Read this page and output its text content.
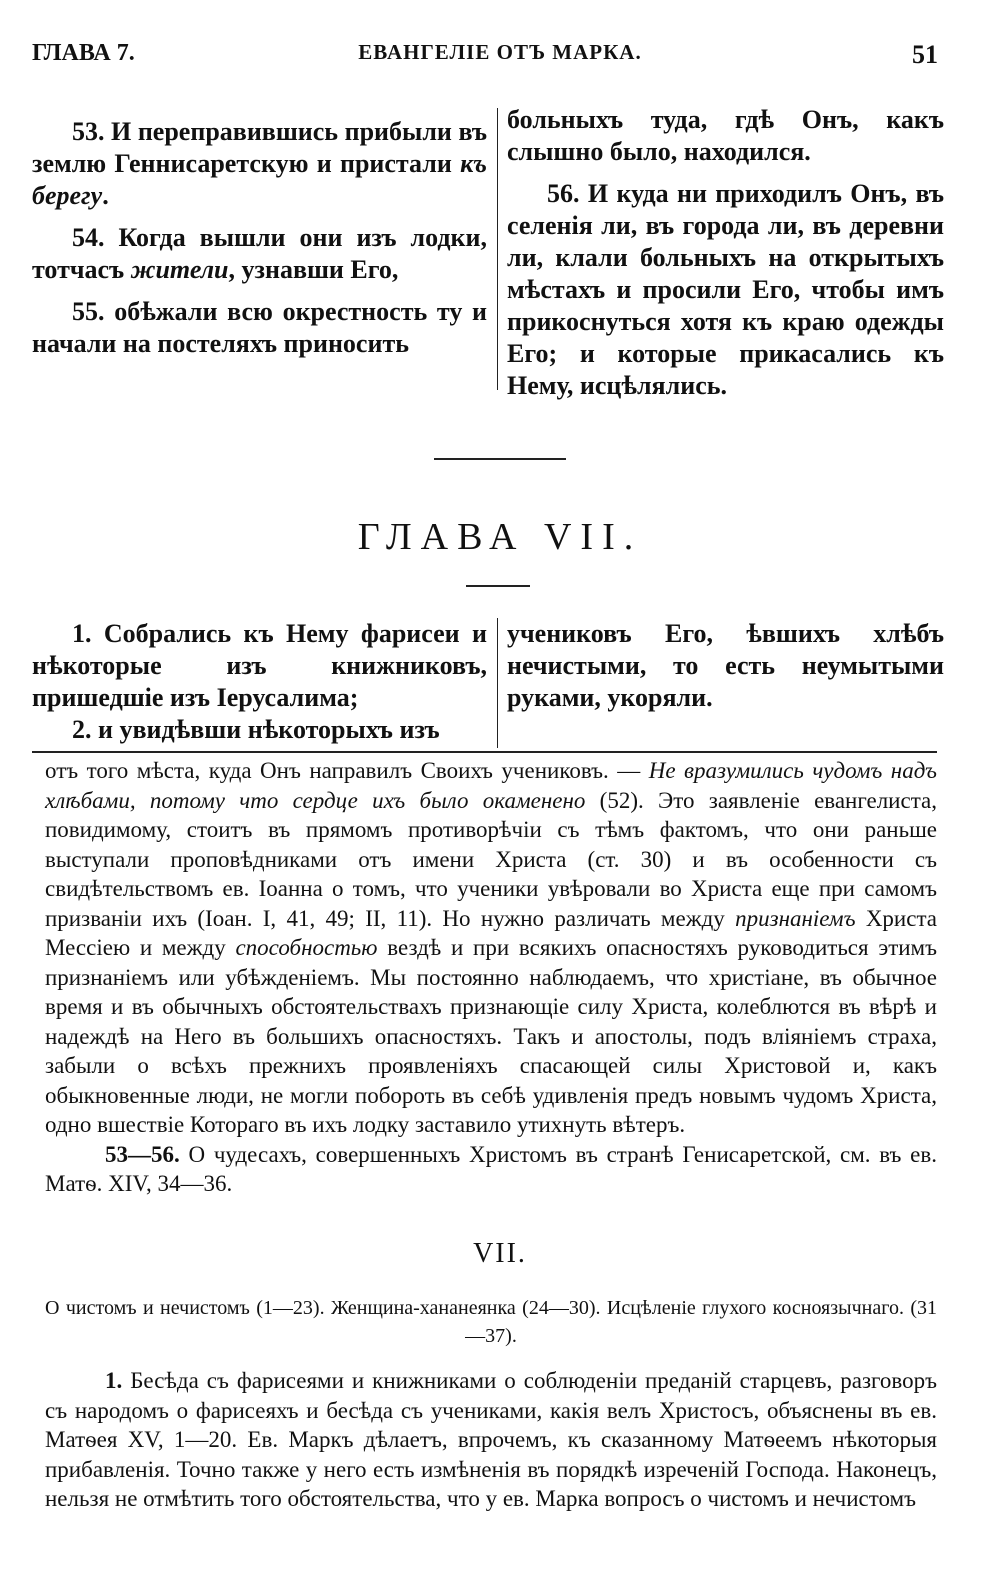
ГЛАВА 7.	ЕВАНГЕЛІЕ ОТЪ МАРКА.	51

53. И переправившись прибыли въ землю Геннисаретскую и пристали къ берегу.

54. Когда вышли они изъ лодки, тотчасъ жители, узнавши Его,

55. обѣжали всю окрестность ту и начали на постеляхъ приносить

больныхъ туда, гдѣ Онъ, какъ слышно было, находился.

56. И куда ни приходилъ Онъ, въ селенія ли, въ города ли, въ деревни ли, клали больныхъ на открытыхъ мѣстахъ и просили Его, чтобы имъ прикоснуться хотя къ краю одежды Его; и которые прикасались къ Нему, исцѣлялись.

ГЛАВА VII.

1. Собрались къ Нему фарисеи и нѣкоторые изъ книжниковъ, пришедшіе изъ Іерусалима;

2. и увидѣвши нѣкоторыхъ изъ

учениковъ Его, ѣвшихъ хлѣбъ нечистыми, то есть неумытыми руками, укоряли.

отъ того мѣста, куда Онъ направилъ Своихъ учениковъ. — Не вразумились чудомъ надъ хлѣбами, потому что сердце ихъ было окаменено (52). Это заявленіе евангелиста, повидимому, стоитъ въ прямомъ противорѣчіи съ тѣмъ фактомъ, что они раньше выступали проповѣдниками отъ имени Христа (ст. 30) и въ особенности съ свидѣтельствомъ ев. Іоанна о томъ, что ученики увѣровали во Христа еще при самомъ призваніи ихъ (Іоан. I, 41, 49; II, 11). Но нужно различать между признаніемъ Христа Мессіею и между способностью вездѣ и при всякихъ опасностяхъ руководиться этимъ признаніемъ или убѣжденіемъ. Мы постоянно наблюдаемъ, что христіане, въ обычное время и въ обычныхъ обстоятельствахъ признающіе силу Христа, колеблются въ вѣрѣ и надеждѣ на Него въ большихъ опасностяхъ. Такъ и апостолы, подъ вліяніемъ страха, забыли о всѣхъ прежнихъ проявленіяхъ спасающей силы Христовой и, какъ обыкновенные люди, не могли побороть въ себѣ удивленія предъ новымъ чудомъ Христа, одно вшествіе Котораго въ ихъ лодку заставило утихнуть вѣтеръ.

53—56. О чудесахъ, совершенныхъ Христомъ въ странѣ Генисаретской, см. въ ев. Матѳ. XIV, 34—36.

VII.
О чистомъ и нечистомъ (1—23). Женщина-хананеянка (24—30). Исцѣленіе глухого косноязычнаго. (31—37).

1. Бесѣда съ фарисеями и книжниками о соблюденіи преданій старцевъ, разговоръ съ народомъ о фарисеяхъ и бесѣда съ учениками, какія велъ Христосъ, объяснены въ ев. Матѳея XV, 1—20. Ев. Маркъ дѣлаетъ, впрочемъ, къ сказанному Матѳеемъ нѣкоторыя прибавленія. Точно также у него есть измѣненія въ порядкѣ изреченій Господа. Наконецъ, нельзя не отмѣтить того обстоятельства, что у ев. Марка вопросъ о чистомъ и нечистомъ
